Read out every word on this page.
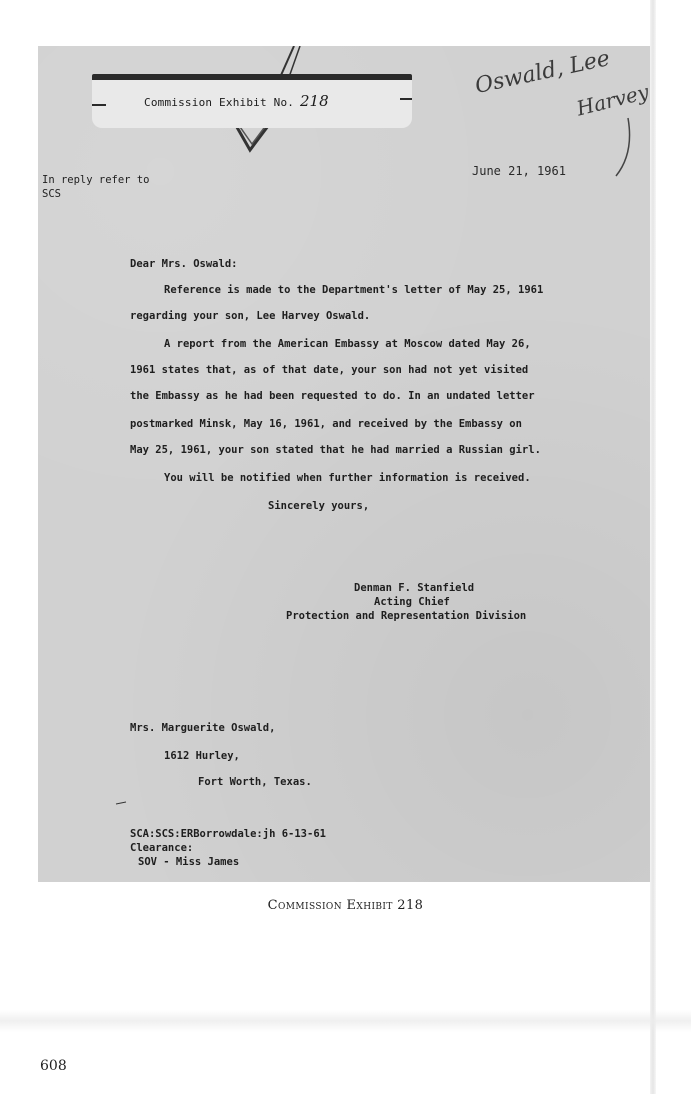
Commission Exhibit No. 218
Oswald, Lee
Harvey
June 21, 1961
In reply refer to
SCS
Dear Mrs. Oswald:
Reference is made to the Department's letter of May 25, 1961
regarding your son, Lee Harvey Oswald.
A report from the American Embassy at Moscow dated May 26,
1961 states that, as of that date, your son had not yet visited
the Embassy as he had been requested to do. In an undated letter
postmarked Minsk, May 16, 1961, and received by the Embassy on
May 25, 1961, your son stated that he had married a Russian girl.
You will be notified when further information is received.
Sincerely yours,
Denman F. Stanfield
Acting Chief
Protection and Representation Division
Mrs. Marguerite Oswald,
1612 Hurley,
Fort Worth, Texas.
SCA:SCS:ERBorrowdale:jh 6-13-61
Clearance:
SOV - Miss James
Commission Exhibit 218
608
